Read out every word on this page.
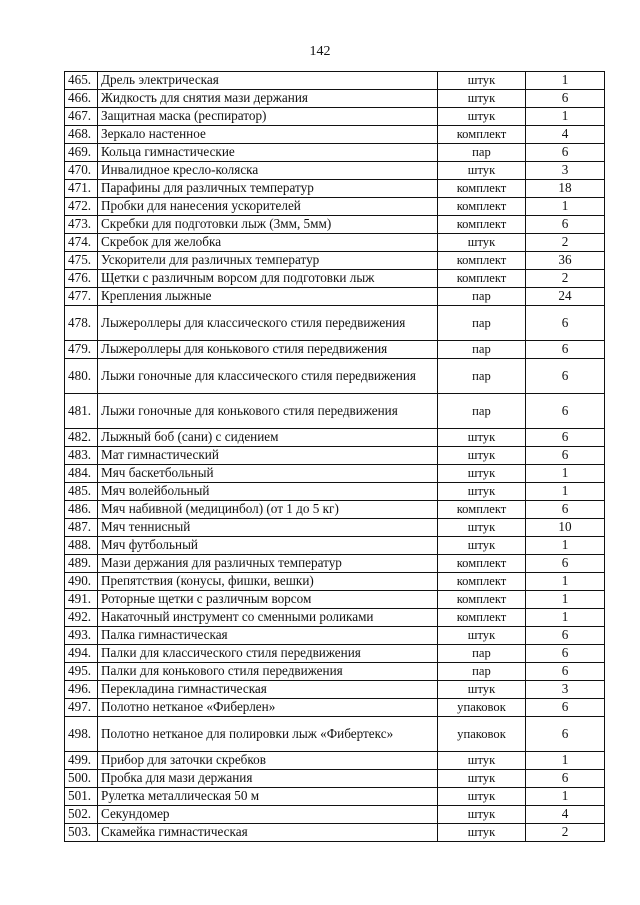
142
465.	Дрель электрическая	штук	1
466.	Жидкость для снятия мази держания	штук	6
467.	Защитная маска (респиратор)	штук	1
468.	Зеркало настенное	комплект	4
469.	Кольца гимнастические	пар	6
470.	Инвалидное кресло-коляска	штук	3
471.	Парафины для различных температур	комплект	18
472.	Пробки для нанесения ускорителей	комплект	1
473.	Скребки для подготовки лыж (3мм, 5мм)	комплект	6
474.	Скребок для желобка	штук	2
475.	Ускорители для различных температур	комплект	36
476.	Щетки с различным ворсом для подготовки лыж	комплект	2
477.	Крепления лыжные	пар	24
478.	Лыжероллеры для классического стиля передвижения	пар	6
479.	Лыжероллеры для конькового стиля передвижения	пар	6
480.	Лыжи гоночные для классического стиля передвижения	пар	6
481.	Лыжи гоночные для конькового стиля передвижения	пар	6
482.	Лыжный боб (сани) с сидением	штук	6
483.	Мат гимнастический	штук	6
484.	Мяч баскетбольный	штук	1
485.	Мяч волейбольный	штук	1
486.	Мяч набивной (медицинбол) (от 1 до 5 кг)	комплект	6
487.	Мяч теннисный	штук	10
488.	Мяч футбольный	штук	1
489.	Мази держания для различных температур	комплект	6
490.	Препятствия (конусы, фишки, вешки)	комплект	1
491.	Роторные щетки с различным ворсом	комплект	1
492.	Накаточный инструмент со сменными роликами	комплект	1
493.	Палка гимнастическая	штук	6
494.	Палки для классического стиля передвижения	пар	6
495.	Палки для конькового стиля передвижения	пар	6
496.	Перекладина гимнастическая	штук	3
497.	Полотно нетканое «Фиберлен»	упаковок	6
498.	Полотно нетканое для полировки лыж «Фибертекс»	упаковок	6
499.	Прибор для заточки скребков	штук	1
500.	Пробка для мази держания	штук	6
501.	Рулетка металлическая 50 м	штук	1
502.	Секундомер	штук	4
503.	Скамейка гимнастическая	штук	2
